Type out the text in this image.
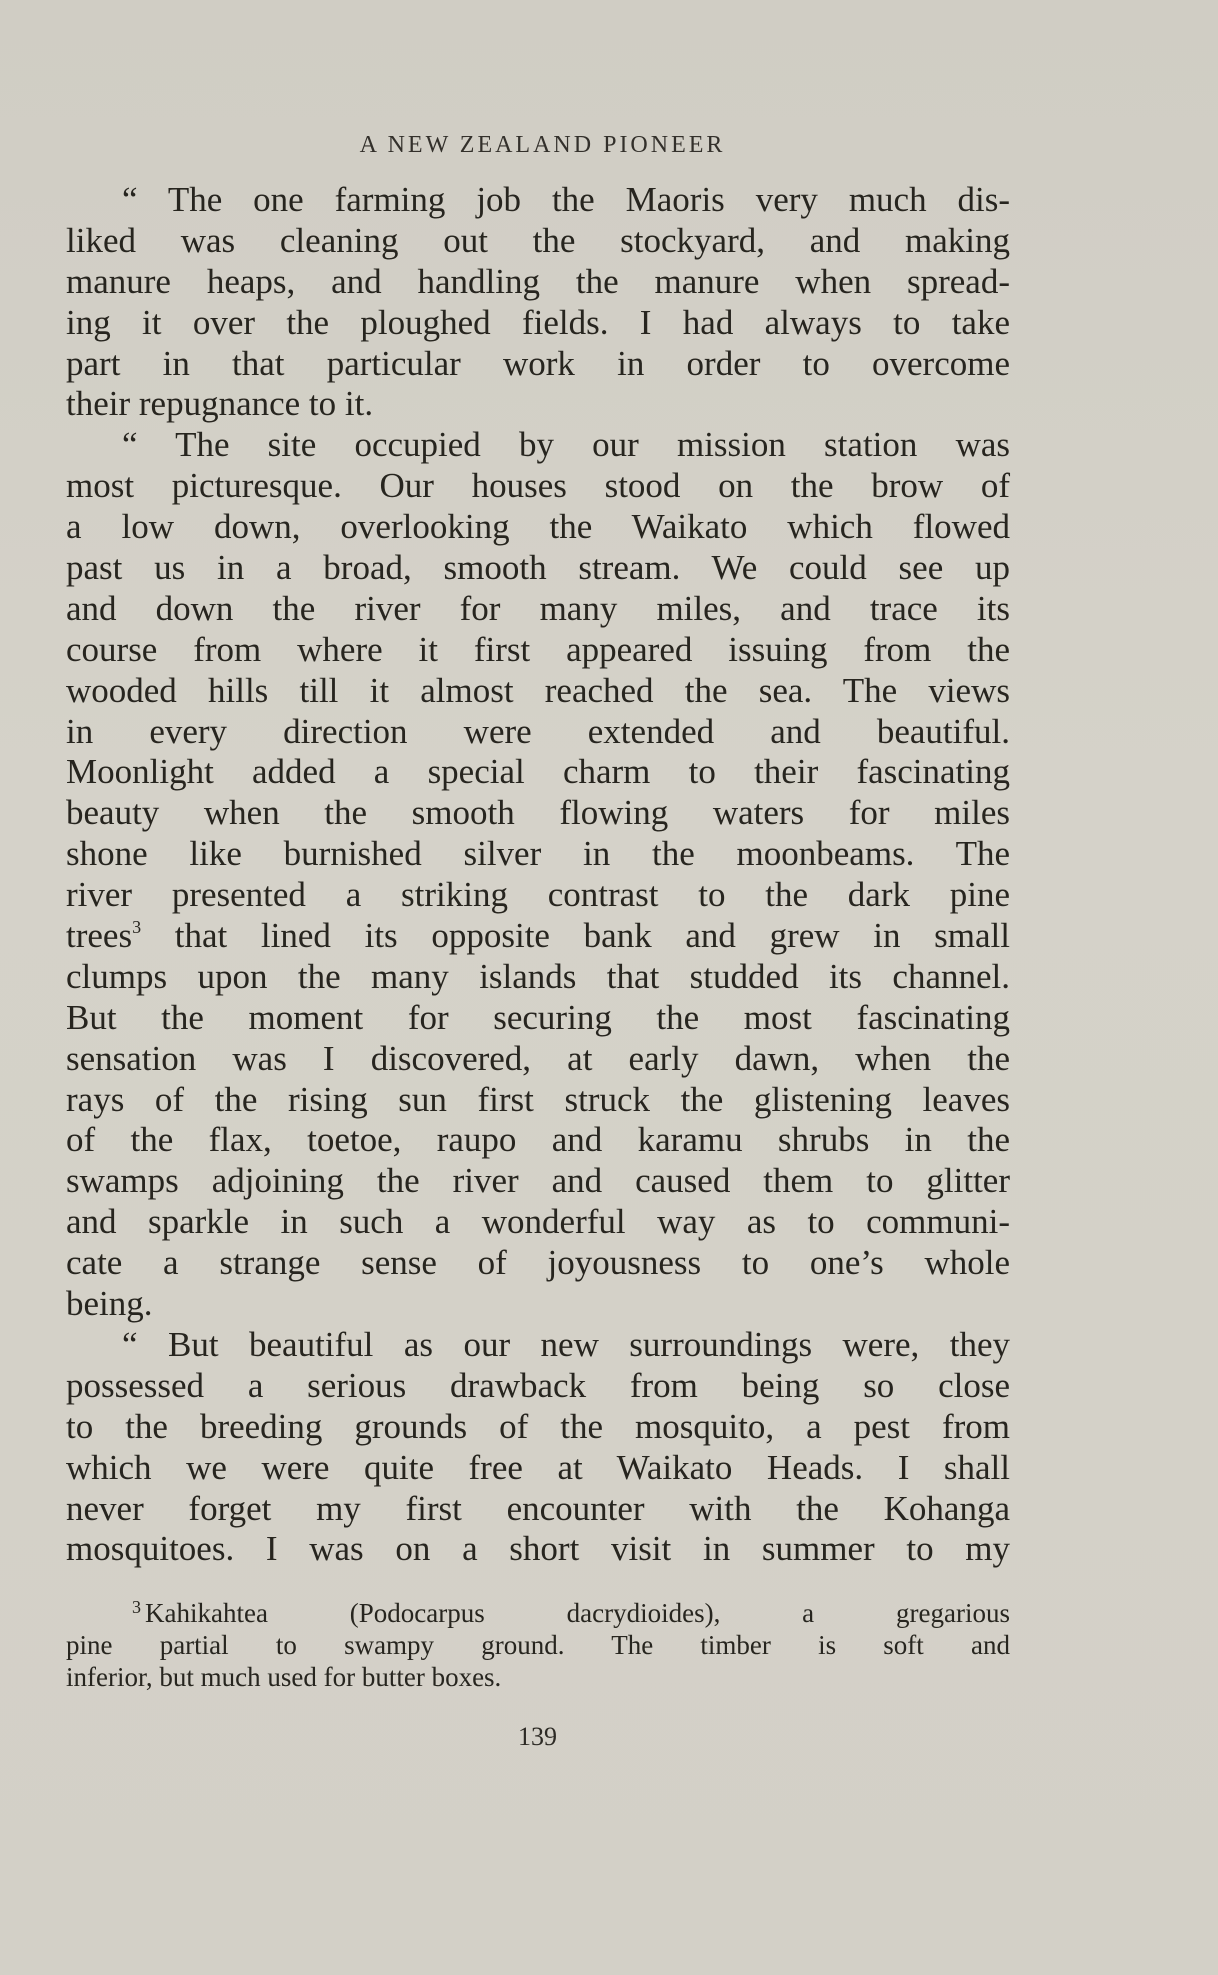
A NEW ZEALAND PIONEER
“ The one farming job the Maoris very much dis-
liked was cleaning out the stockyard, and making
manure heaps, and handling the manure when spread-
ing it over the ploughed fields. I had always to take
part in that particular work in order to overcome
their repugnance to it.
“ The site occupied by our mission station was
most picturesque. Our houses stood on the brow of
a low down, overlooking the Waikato which flowed
past us in a broad, smooth stream. We could see up
and down the river for many miles, and trace its
course from where it first appeared issuing from the
wooded hills till it almost reached the sea. The views
in every direction were extended and beautiful.
Moonlight added a special charm to their fascinating
beauty when the smooth flowing waters for miles
shone like burnished silver in the moonbeams. The
river presented a striking contrast to the dark pine
trees$^3$ that lined its opposite bank and grew in small
clumps upon the many islands that studded its channel.
But the moment for securing the most fascinating
sensation was I discovered, at early dawn, when the
rays of the rising sun first struck the glistening leaves
of the flax, toetoe, raupo and karamu shrubs in the
swamps adjoining the river and caused them to glitter
and sparkle in such a wonderful way as to communi-
cate a strange sense of joyousness to one’s whole
being.
“ But beautiful as our new surroundings were, they
possessed a serious drawback from being so close
to the breeding grounds of the mosquito, a pest from
which we were quite free at Waikato Heads. I shall
never forget my first encounter with the Kohanga
mosquitoes. I was on a short visit in summer to my
$^3$ Kahikahtea (Podocarpus dacrydioides), a gregarious
pine partial to swampy ground. The timber is soft and
inferior, but much used for butter boxes.
139
